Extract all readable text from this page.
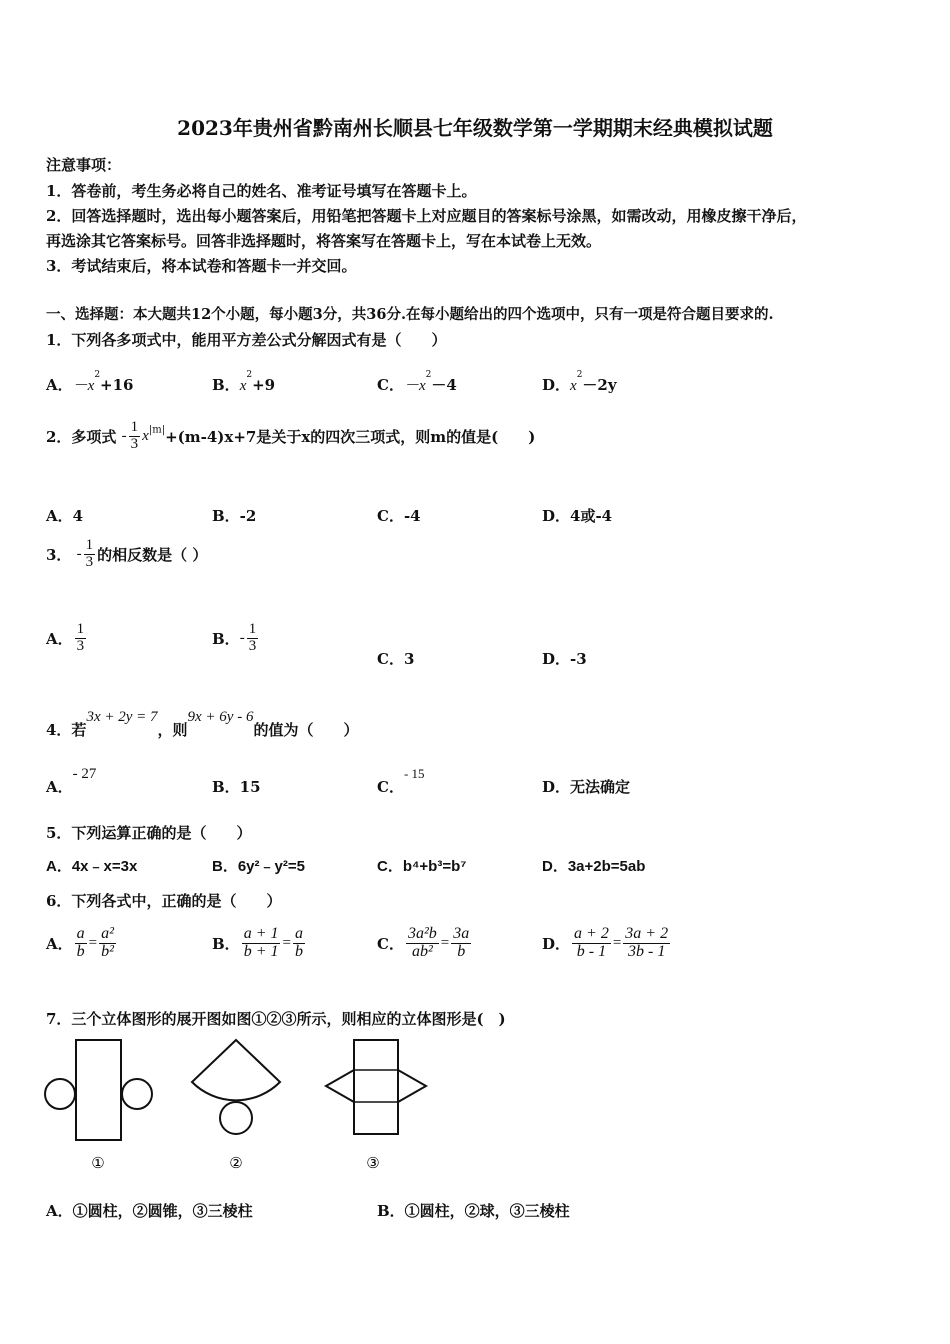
2023年贵州省黔南州长顺县七年级数学第一学期期末经典模拟试题
注意事项：
1．答卷前，考生务必将自己的姓名、准考证号填写在答题卡上。
2．回答选择题时，选出每小题答案后，用铅笔把答题卡上对应题目的答案标号涂黑，如需改动，用橡皮擦干净后，
再选涂其它答案标号。回答非选择题时，将答案写在答题卡上，写在本试卷上无效。
3．考试结束后，将本试卷和答题卡一并交回。
一、选择题：本大题共12个小题，每小题3分，共36分.在每小题给出的四个选项中，只有一项是符合题目要求的.
1．下列各多项式中，能用平方差公式分解因式有是（　　）
A．$-x^2+16$	B．$x^2+9$	C．$-x^2-4$	D．$x^2-2y$
2．多项式 - $\frac{1}{3} x^{|m|}+(m-4)x+7$是关于x的四次三项式，则m的值是(　　)
A．4	B．-2	C．-4	D．4或-4
3． - $\frac{1}{3}$ 的相反数是（ ）
A． $\frac{1}{3}$	B．- $\frac{1}{3}$
C．3	D．-3
4．若3x + 2y = 7，则9x + 6y - 6的值为（　　）
A．- 27
B．15	C．- 15
D．无法确定
5．下列运算正确的是（　　）
A．4x﹣x=3x	B．6y²﹣y²=5	C．b⁴+b³=b⁷	D．3a+2b=5ab
6．下列各式中，正确的是（　　）
A． $\frac{a}{b} = \frac{\text{a²}}{\text{b²}}$	B． $\frac{a + 1}{b + 1} = \frac{a}{b}$	C． $\frac{\text{3a²b}}{\text{ab²}} = \frac{3a}{b}$	D． $\frac{a + 2}{b - 1} = \frac{3a + 2}{3b - 1}$
7．三个立体图形的展开图如图①②③所示，则相应的立体图形是(　)
①	②	③
A．①圆柱，②圆锥，③三棱柱	B．①圆柱，②球，③三棱柱
